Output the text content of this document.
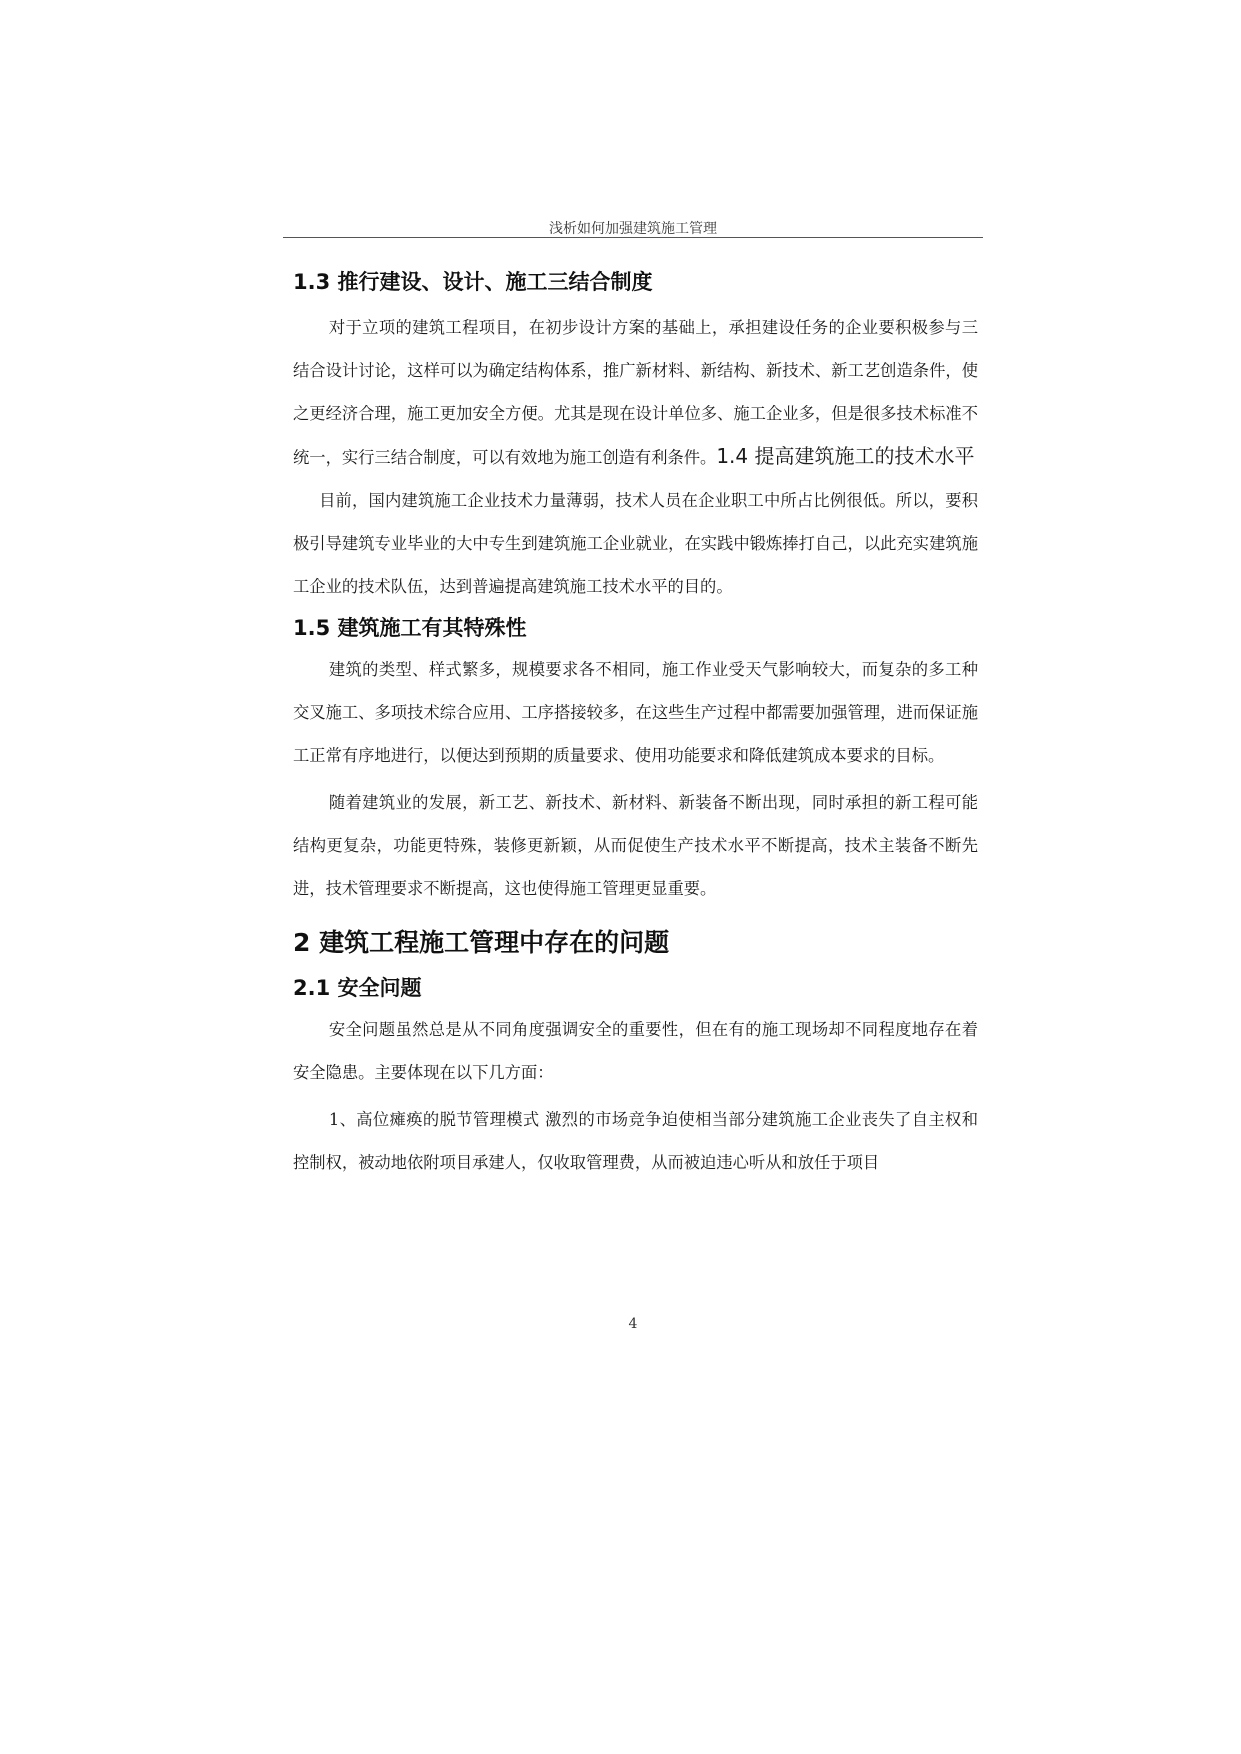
浅析如何加强建筑施工管理
1.3 推行建设、设计、施工三结合制度

对于立项的建筑工程项目，在初步设计方案的基础上，承担建设任务的企业要积极参与三结合设计讨论，这样可以为确定结构体系，推广新材料、新结构、新技术、新工艺创造条件，使之更经济合理，施工更加安全方便。尤其是现在设计单位多、施工企业多，但是很多技术标准不统一，实行三结合制度，可以有效地为施工创造有利条件。1.4 提高建筑施工的技术水平

目前，国内建筑施工企业技术力量薄弱，技术人员在企业职工中所占比例很低。所以，要积极引导建筑专业毕业的大中专生到建筑施工企业就业，在实践中锻炼捧打自己，以此充实建筑施工企业的技术队伍，达到普遍提高建筑施工技术水平的目的。

1.5 建筑施工有其特殊性

建筑的类型、样式繁多，规模要求各不相同，施工作业受天气影响较大，而复杂的多工种交叉施工、多项技术综合应用、工序搭接较多，在这些生产过程中都需要加强管理，进而保证施工正常有序地进行，以便达到预期的质量要求、使用功能要求和降低建筑成本要求的目标。

随着建筑业的发展，新工艺、新技术、新材料、新装备不断出现，同时承担的新工程可能结构更复杂，功能更特殊，装修更新颖，从而促使生产技术水平不断提高，技术主装备不断先进，技术管理要求不断提高，这也使得施工管理更显重要。

2 建筑工程施工管理中存在的问题
2.1 安全问题

安全问题虽然总是从不同角度强调安全的重要性，但在有的施工现场却不同程度地存在着安全隐患。主要体现在以下几方面：

1、高位瘫痪的脱节管理模式 激烈的市场竞争迫使相当部分建筑施工企业丧失了自主权和控制权，被动地依附项目承建人，仅收取管理费，从而被迫违心听从和放任于项目

4
